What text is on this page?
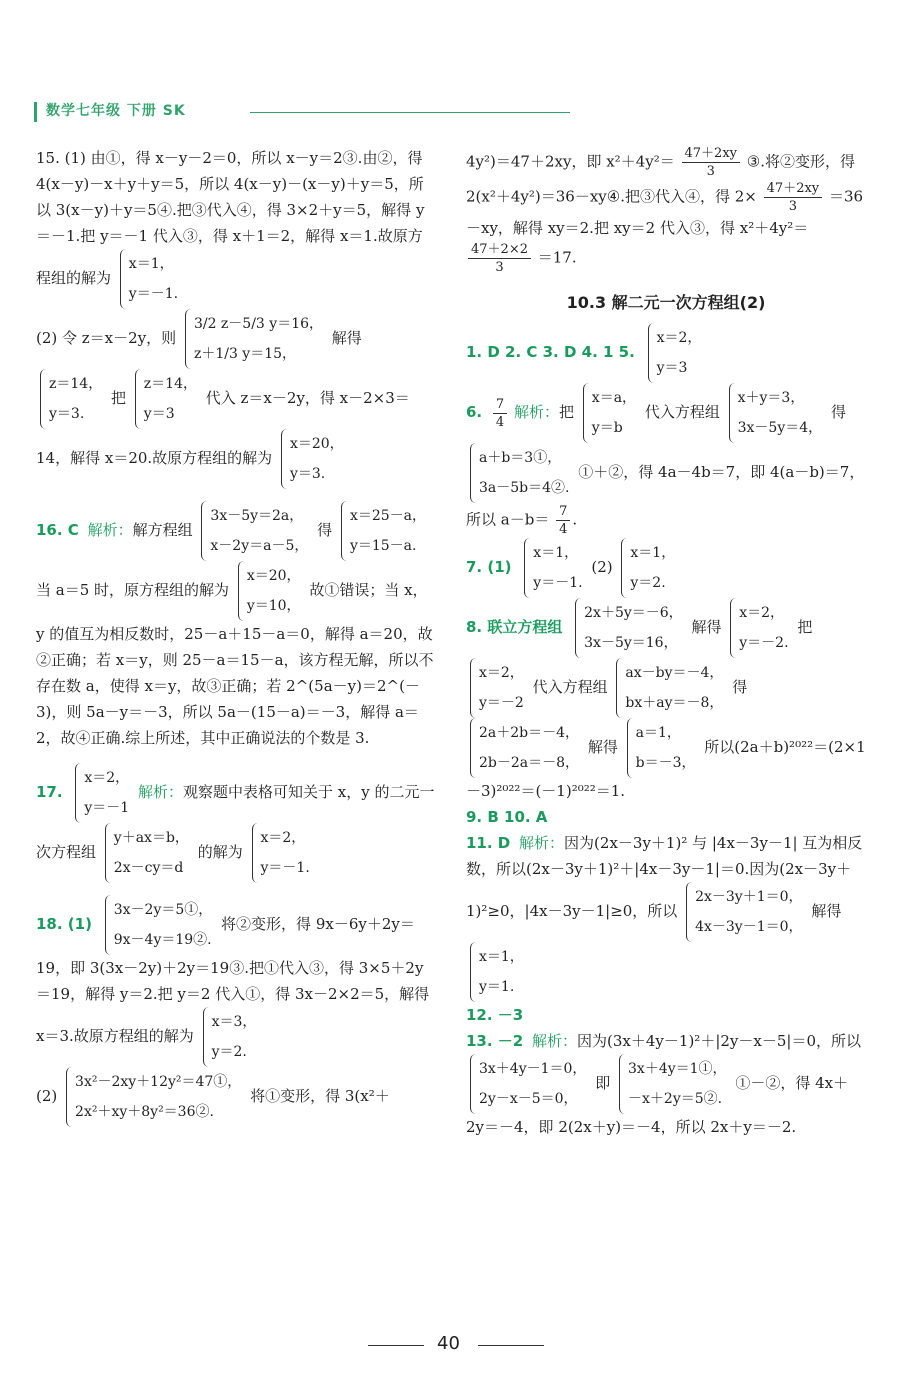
数学七年级 下册 SK

15. (1) 由①，得 x－y－2＝0，所以 x－y＝2③.由②，得 4(x－y)－x＋y＋y＝5，所以 4(x－y)－(x－y)＋y＝5，所以 3(x－y)＋y＝5④.把③代入④，得 3×2＋y＝5，解得 y＝－1.把 y＝－1 代入③，得 x＋1＝2，解得 x＝1.故原方程组的解为
x＝1，
y＝－1.

(2) 令 z＝x－2y，则
3/2 z－5/3 y＝16，
z＋1/3 y＝15，
解得
z＝14，
y＝3.
把
z＝14，
y＝3
代入 z＝x－2y，得 x－2×3＝14，解得 x＝20.故原方程组的解为
x＝20，
y＝3.

16. C 解析：解方程组
3x－5y＝2a，
x－2y＝a－5，
得
x＝25－a，
y＝15－a.
当 a＝5 时，原方程组的解为
x＝20，
y＝10，
故①错误；当 x，y 的值互为相反数时，25－a＋15－a＝0，解得 a＝20，故②正确；若 x＝y，则 25－a＝15－a，该方程无解，所以不存在数 a，使得 x＝y，故③正确；若 2^(5a－y)＝2^(－3)，则 5a－y＝－3，所以 5a－(15－a)＝－3，解得 a＝2，故④正确.综上所述，其中正确说法的个数是 3.

17.
x＝2，
y＝－1
解析：观察题中表格可知关于 x，y 的二元一次方程组
y＋ax＝b，
2x－cy＝d
的解为
x＝2，
y＝－1.

18. (1)
3x－2y＝5①，
9x－4y＝19②.
将②变形，得 9x－6y＋2y＝19，即 3(3x－2y)＋2y＝19③.把①代入③，得 3×5＋2y＝19，解得 y＝2.把 y＝2 代入①，得 3x－2×2＝5，解得 x＝3.故原方程组的解为
x＝3，
y＝2.

(2)
3x²－2xy＋12y²＝47①，
2x²＋xy＋8y²＝36②.
将①变形，得 3(x²＋

4y²)＝47＋2xy，即 $x^2+4y^2= \frac{47+2xy}{3}$ ③.将②变形，得 2(x²＋4y²)＝36－xy④.把③代入④，得 $2\times \frac{47+2xy}{3} =36-xy$，解得 xy＝2.把 xy＝2 代入③，得 x²＋4y²＝
$\frac{47+2\times 2}{3} =17$.

10.3 解二元一次方程组(2)

1. D 2. C 3. D 4. 1 5.
x＝2，
y＝3

6. $\frac{7}{4}$ 解析：把
x＝a，
y＝b
代入方程组
x＋y＝3，
3x－5y＝4，
得
a＋b＝3①，
3a－5b＝4②.
①＋②，得 4a－4b＝7，即 4(a－b)＝7，所以 $a-b= \frac{7}{4}$ .

7. (1)
x＝1，
y＝－1.
(2)
x＝1，
y＝2.

8. 联立方程组
2x＋5y＝－6，
3x－5y＝16，
解得
x＝2，
y＝－2.
把
x＝2，
y＝－2
代入方程组
ax－by＝－4，
bx＋ay＝－8，
得
2a＋2b＝－4，
2b－2a＝－8，
解得
a＝1，
b＝－3，
所以(2a＋b)²⁰²²＝(2×1－3)²⁰²²＝(－1)²⁰²²＝1.

9. B 10. A

11. D 解析：因为(2x－3y＋1)² 与 |4x－3y－1| 互为相反数，所以(2x－3y＋1)²＋|4x－3y－1|＝0.因为(2x－3y＋1)²≥0，|4x－3y－1|≥0，所以
2x－3y＋1＝0，
4x－3y－1＝0，
解得
x＝1，
y＝1.

12. －3

13. －2 解析：因为(3x＋4y－1)²＋|2y－x－5|＝0，所以
3x＋4y－1＝0，
2y－x－5＝0，
即
3x＋4y＝1①，
－x＋2y＝5②.
①－②，得 4x＋2y＝－4，即 2(2x＋y)＝－4，所以 2x＋y＝－2.

40
